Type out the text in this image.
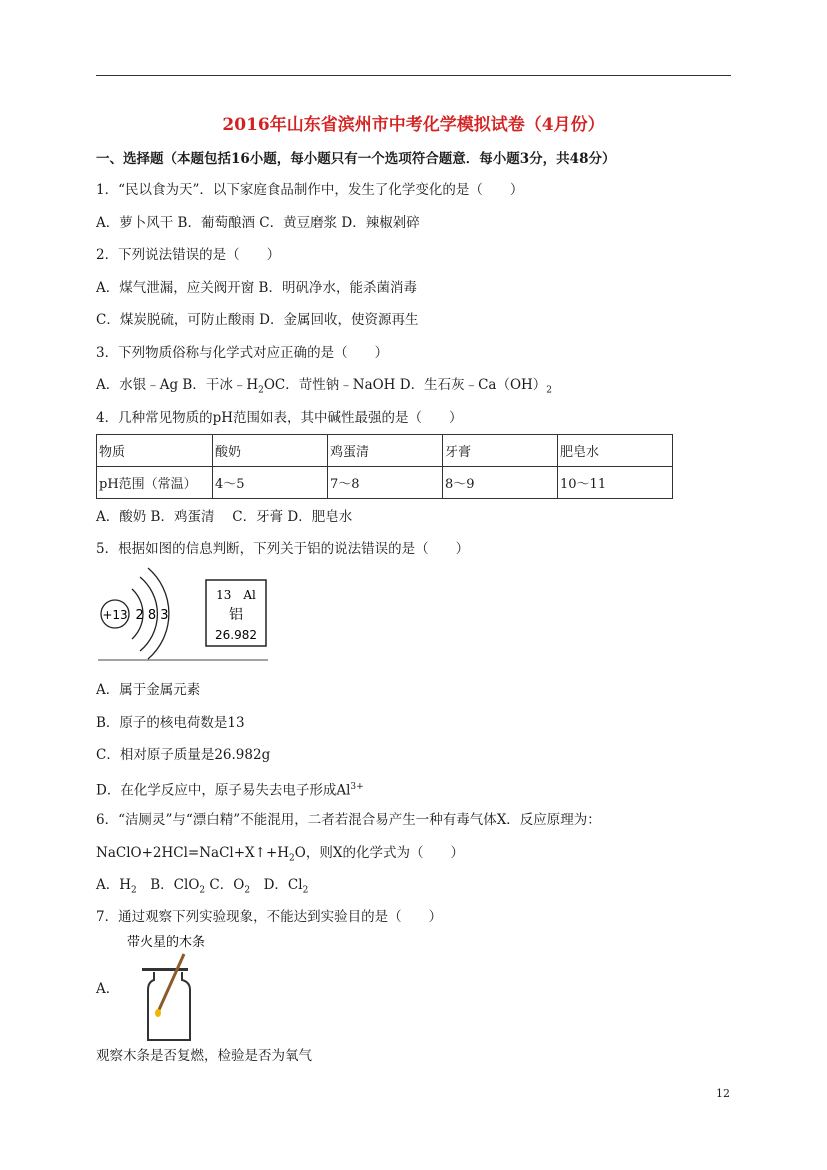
2016年山东省滨州市中考化学模拟试卷（4月份）
一、选择题（本题包括16小题，每小题只有一个选项符合题意．每小题3分，共48分）
1．“民以食为天”．以下家庭食品制作中，发生了化学变化的是（　　）
A．萝卜风干 B．葡萄酿酒 C．黄豆磨浆 D．辣椒剁碎
2．下列说法错误的是（　　）
A．煤气泄漏，应关阀开窗 B．明矾净水，能杀菌消毒
C．煤炭脱硫，可防止酸雨 D．金属回收，使资源再生
3．下列物质俗称与化学式对应正确的是（　　）
A．水银﹣Ag B．干冰$﹣H_2OC$．苛性钠﹣NaOH D．生石灰$﹣Ca(OH)_2$
4．几种常见物质的pH范围如表，其中碱性最强的是（　　）
物质	酸奶	鸡蛋清	牙膏	肥皂水
pH范围（常温）	4～5	7～8	8～9	10～11
A．酸奶 B．鸡蛋清　 C．牙膏 D．肥皂水
5．根据如图的信息判断，下列关于铝的说法错误的是（　　）
+13 2 8 3
13　Al
铝
26.982
A．属于金属元素
B．原子的核电荷数是13
C．相对原子质量是26.982g
D．在化学反应中，原子易失去电子形成$Al^{3+}$
6．“洁厕灵”与“漂白精”不能混用，二者若混合易产生一种有毒气体X．反应原理为：
$NaClO+2HCl=NaCl+X↑+H_2O$，则X的化学式为（　　）
A．$H_2$　B．ClO$_2$ C．$O_2$　D．$Cl_2$
7．通过观察下列实验现象，不能达到实验目的是（　　）
带火星的木条
A．
观察木条是否复燃，检验是否为氧气
12
